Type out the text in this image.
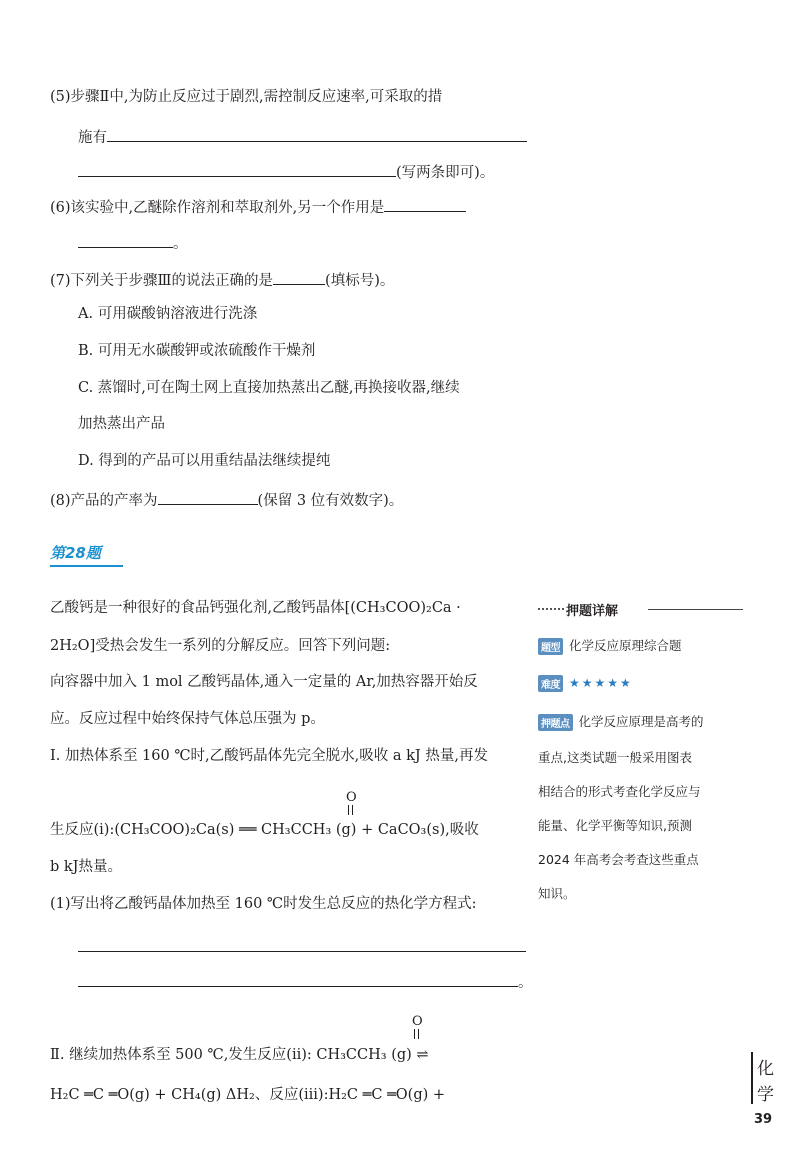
(5)步骤Ⅱ中,为防止反应过于剧烈,需控制反应速率,可采取的措
施有
(写两条即可)。
(6)该实验中,乙醚除作溶剂和萃取剂外,另一个作用是
。
(7)下列关于步骤Ⅲ的说法正确的是	(填标号)。
A. 可用碳酸钠溶液进行洗涤
B. 可用无水碳酸钾或浓硫酸作干燥剂
C. 蒸馏时,可在陶土网上直接加热蒸出乙醚,再换接收器,继续
加热蒸出产品
D. 得到的产品可以用重结晶法继续提纯
(8)产品的产率为	(保留 3 位有效数字)。
第28题
乙酸钙是一种很好的食品钙强化剂,乙酸钙晶体[(CH₃COO)₂Ca ·
2H₂O]受热会发生一系列的分解反应。回答下列问题:
向容器中加入 1 mol 乙酸钙晶体,通入一定量的 Ar,加热容器开始反
应。反应过程中始终保持气体总压强为 p。
Ⅰ. 加热体系至 160 ℃时,乙酸钙晶体先完全脱水,吸收 a kJ 热量,再发
O
生反应(ⅰ):(CH₃COO)₂Ca(s) ══ CH₃CCH₃ (g) + CaCO₃(s),吸收
b kJ热量。
(1)写出将乙酸钙晶体加热至 160 ℃时发生总反应的热化学方程式:
。
O
Ⅱ. 继续加热体系至 500 ℃,发生反应(ⅱ): CH₃CCH₃ (g) ⇌
H₂C ═C ═O(g) + CH₄(g) ΔH₂、反应(ⅲ):H₂C ═C ═O(g) +
押题详解
题型 化学反应原理综合题
难度 ★★★★★
押题点 化学反应原理是高考的
重点,这类试题一般采用图表
相结合的形式考查化学反应与
能量、化学平衡等知识,预测
2024 年高考会考查这些重点
知识。
化
学
39
